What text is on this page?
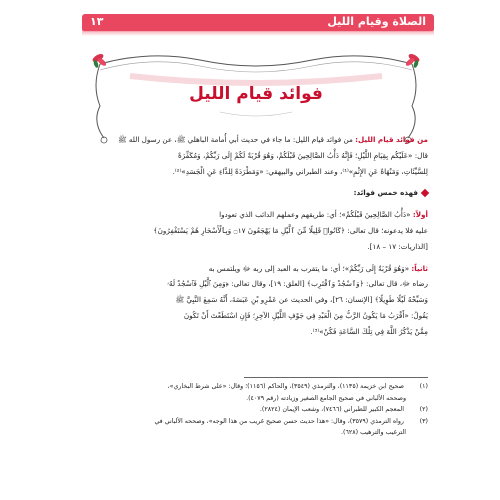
الصلاة وقيام الليل
١٣
فوائد قيام الليل
من فوائد قيام الليل: من فوائد قيام الليل: ما جاء في حديث أبي أُمامة الباهلي ﷺ، عن رسول الله ﷺ
قال: «عَلَيْكُم بِقِيَامِ اللَّيْلِ؛ فَإِنَّهُ دَأْبُ الصَّالِحِينَ قَبْلَكُمْ، وَهُوَ قُرْبَةٌ لَكُمْ إِلَى رَبِّكُمْ، وَمُكَفِّرَةٌ
لِلسَّيِّئَاتِ، وَمَنْهَاةٌ عَنِ الإِثْمِ»⁽¹⁾، وعند الطبراني والبيهقي: «وَمَطْرَدَةٌ لِلدَّاءِ عَنِ الْجَسَدِ»⁽²⁾.
فهذه خمس فوائد:
أولاً: «دَأْبُ الصَّالِحِينَ قَبْلَكُمْ»؛ أي: طريقهم وعملهم الدائب الذي تعودوا
عليه فلا يدعونه؛ قال تعالى: ﴿كَانُوا۟ قَلِيلًا مِّنَ ٱلَّيْلِ مَا يَهْجَعُونَ ۝١٧ وَبِٱلْأَسْحَارِ هُمْ يَسْتَغْفِرُونَ﴾
[الذاريات: ١٧ – ١٨].
ثانياً: «وَهُوَ قُرْبَةٌ إِلَى رَبِّكُمْ»؛ أي: ما يتقرب به العبد إلى ربه ﷻ ويلتمس به
رضاه ﷻ، قال تعالى: ﴿وَٱسْجُدْ وَٱقْتَرِب﴾ [العلق: ١٩]، وقال تعالى: ﴿وَمِنَ ٱلَّيْلِ فَٱسْجُدْ لَهُۥ
وَسَبِّحْهُ لَيْلًا طَوِيلًا﴾ [الإنسان: ٢٦]، وفي الحديث عن عَمْرِو بْنِ عَبَسَةَ، أَنَّهُ سَمِعَ النَّبِيَّ ﷺ
يَقُولُ: «أَقْرَبُ مَا يَكُونُ الرَّبُّ مِنَ الْعَبْدِ فِي جَوْفِ اللَّيْلِ الآخِرِ؛ فَإِنِ اسْتَطَعْتَ أَنْ تَكُونَ
مِمَّنْ يَذْكُرُ اللَّهَ فِي تِلْكَ السَّاعَةِ فَكُنْ»⁽³⁾.
(١) صحيح ابن خزيمة (١١٣٥)، والترمذي (٣٥٤٩)، والحاكم (١١٥٦)؛ وقال: «على شرط البخاري»،
وصححه الألباني في صحيح الجامع الصغير وزيادته (رقم ٤٠٧٩).
(٢) المعجم الكبير للطبراني (٧٤٦٦)، وشعب الإيمان (٢٨٢٤).
(٣) رواه الترمذي (٣٥٧٩)، وقال: «هذا حديث حسن صحيح غريب من هذا الوجه»، وصححه الألباني في
الترغيب والترهيب (٦٢٨).
